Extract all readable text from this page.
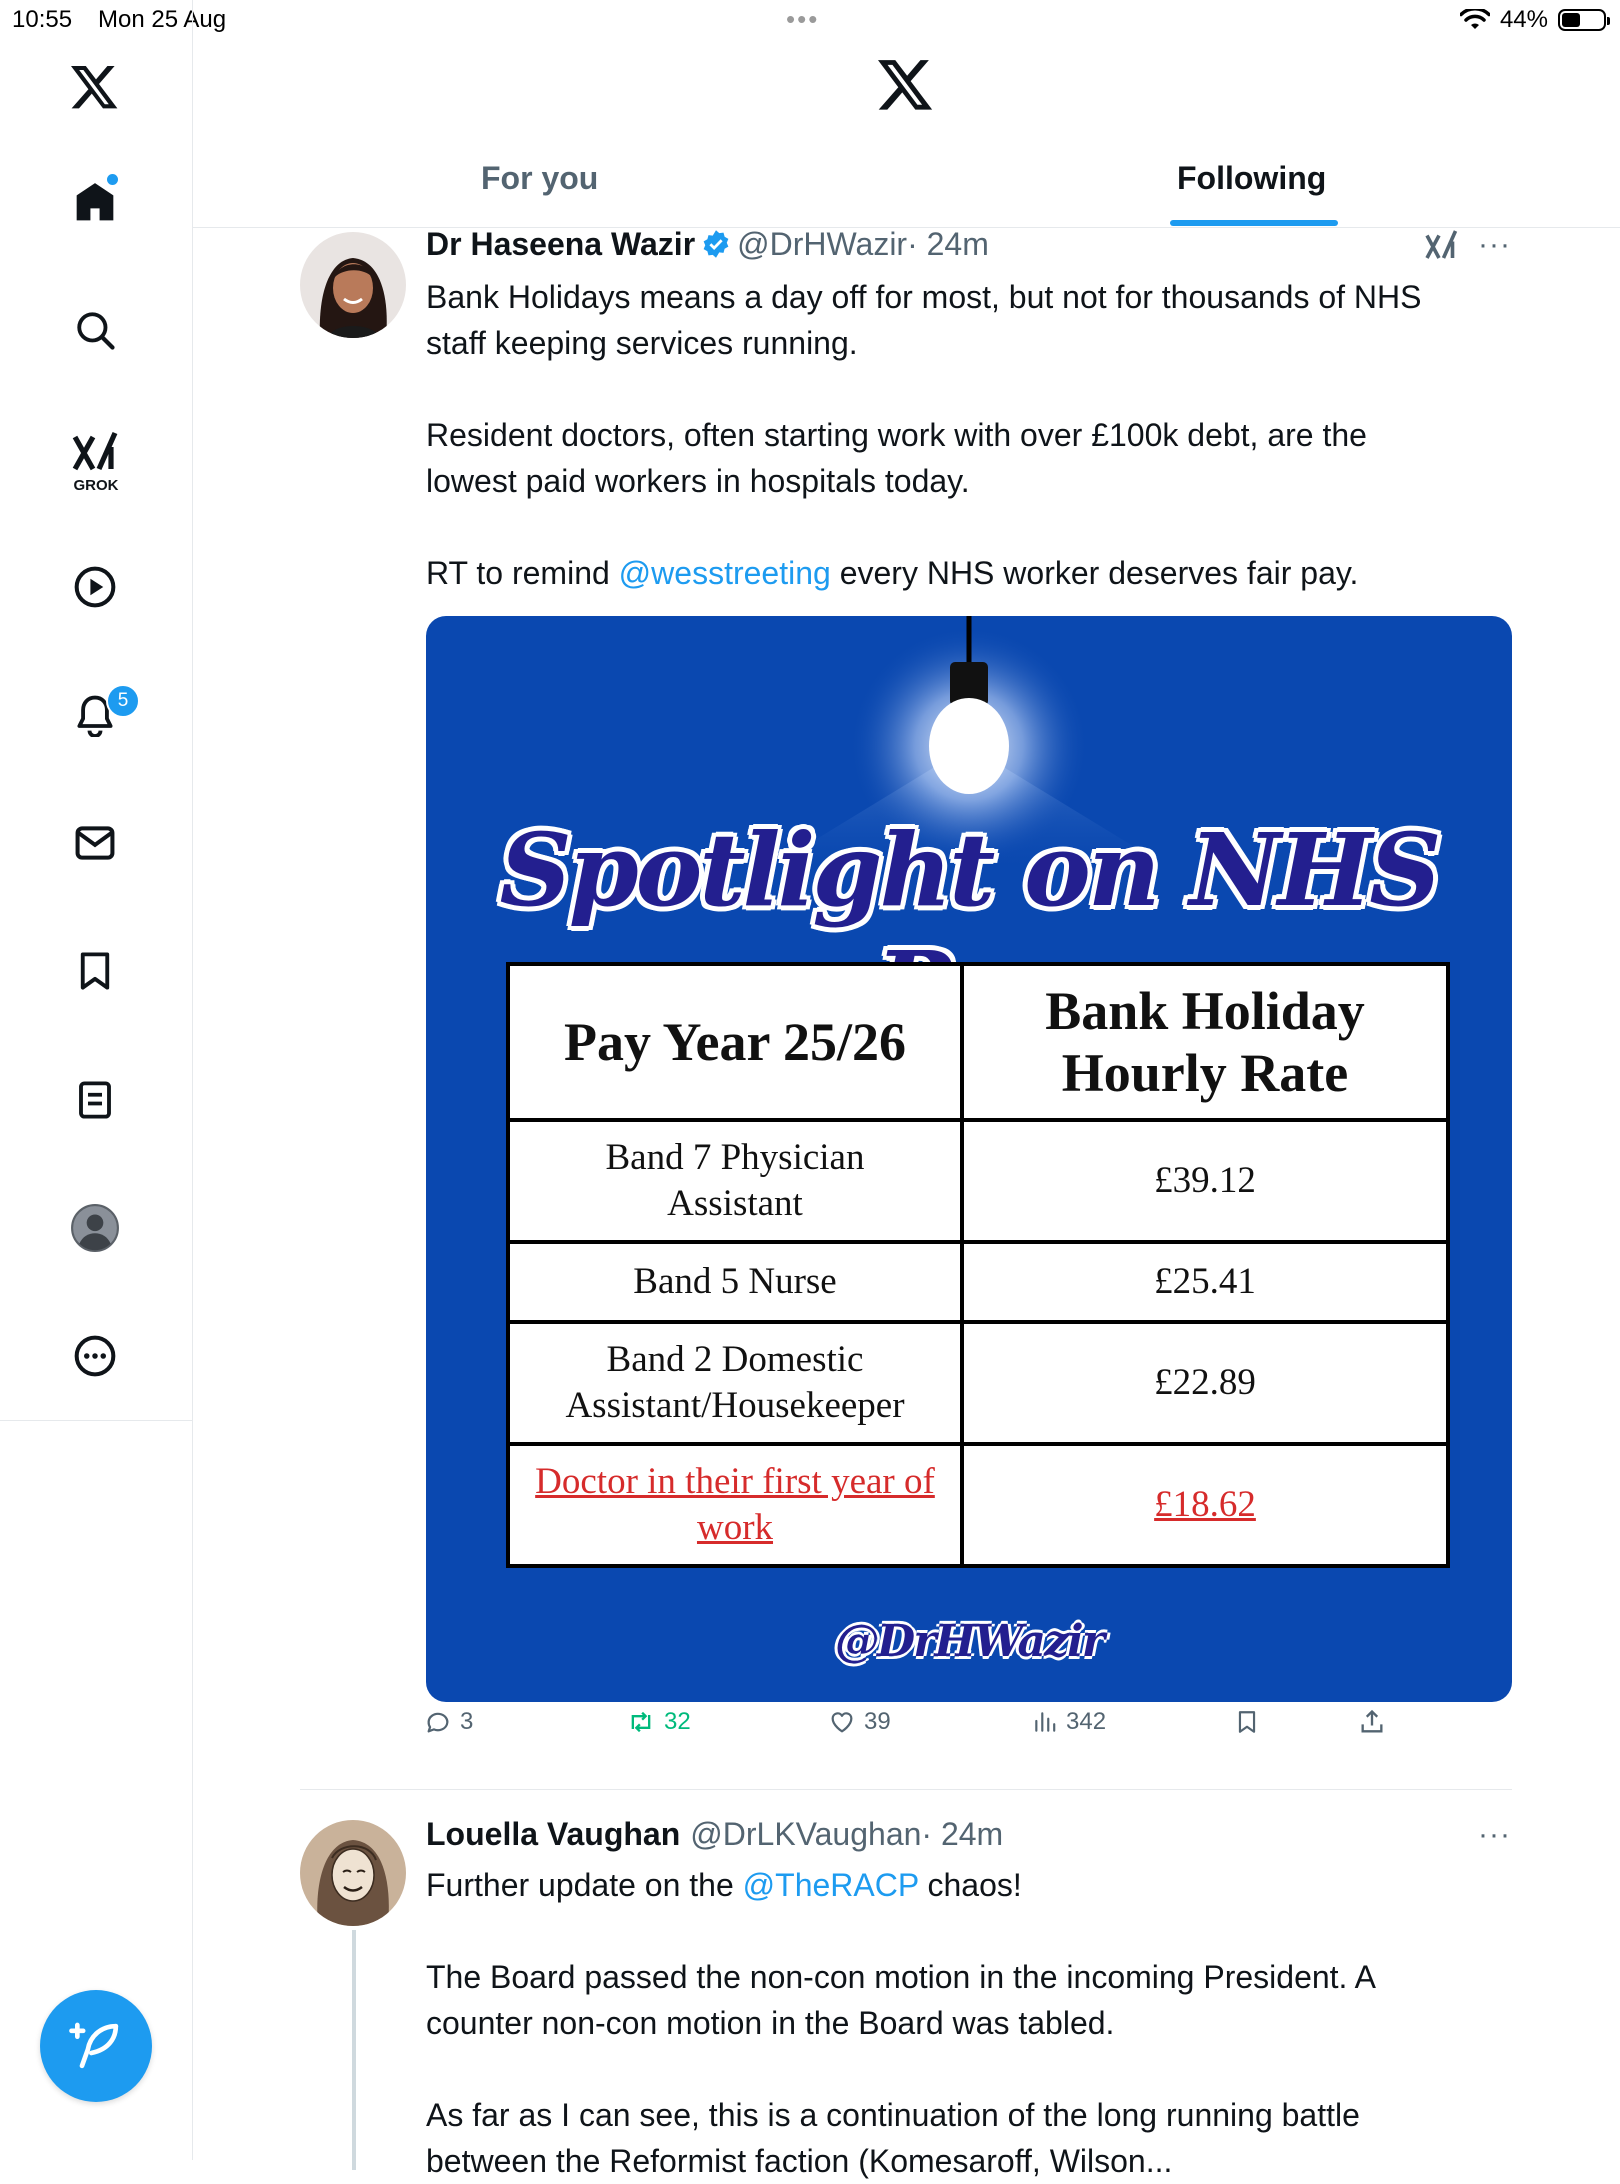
10:55 Mon 25 Aug	•••	44%
GROK
5
For you	Following
Dr Haseena Wazir @DrHWazir· 24m	···
Bank Holidays means a day off for most, but not for thousands of NHS
staff keeping services running.
Resident doctors, often starting work with over £100k debt, are the
lowest paid workers in hospitals today.
RT to remind @wesstreeting every NHS worker deserves fair pay.
Spotlight on NHS
Pay Year 25/26	Bank Holiday Hourly Rate
Band 7 Physician Assistant	£39.12
Band 5 Nurse	£25.41
Band 2 Domestic Assistant/Housekeeper	£22.89
Doctor in their first year of work	£18.62
@DrHWazir
3	32	39	342
Louella Vaughan @DrLKVaughan· 24m	···
Further update on the @TheRACP chaos!
The Board passed the non-con motion in the incoming President. A
counter non-con motion in the Board was tabled.
As far as I can see, this is a continuation of the long running battle
between the Reformist faction (Komesaroff, Wilson...
